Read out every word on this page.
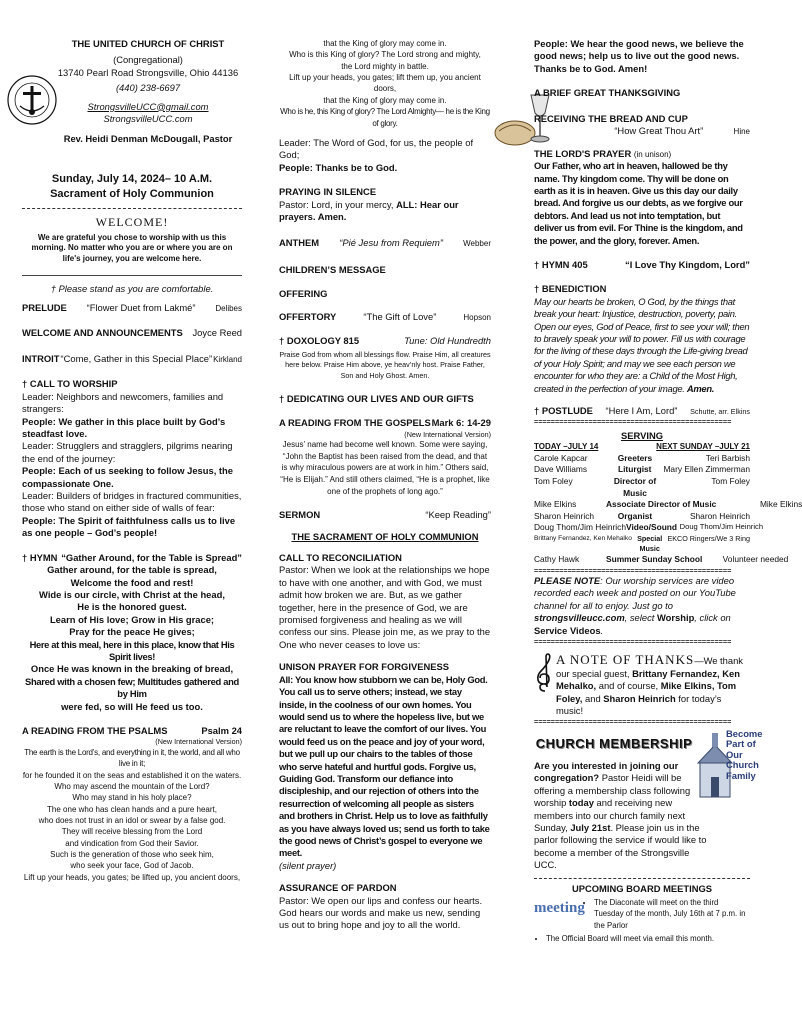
THE UNITED CHURCH OF CHRIST

(Congregational)

13740 Pearl Road Strongsville, Ohio 44136

(440) 238-6697

StrongsvilleUCC@gmail.com

StrongsvilleUCC.com

Rev. Heidi Denman McDougall, Pastor

Sunday, July 14, 2024– 10 A.M.

Sacrament of Holy Communion

WELCOME!

We are grateful you chose to worship with us this morning. No matter who you are or where you are on life's journey, you are welcome here.

† Please stand as you are comfortable.

PRELUDE “Flower Duet from Lakmé” Delibes
WELCOME AND ANNOUNCEMENTS Joyce Reed
INTROIT “Come, Gather in this Special Place” Kirkland

† CALL TO WORSHIP

Leader: Neighbors and newcomers, families and strangers:

People: We gather in this place built by God’s steadfast love.

Leader: Strugglers and stragglers, pilgrims nearing the end of the journey:

People: Each of us seeking to follow Jesus, the compassionate One.

Leader: Builders of bridges in fractured communities, those who stand on either side of walls of fear:

People: The Spirit of faithfulness calls us to live as one people – God’s people!

† HYMN “Gather Around, for the Table is Spread”

Gather around, for the table is spread,

Welcome the food and rest!

Wide is our circle, with Christ at the head,

He is the honored guest.

Learn of His love; Grow in His grace;

Pray for the peace He gives;

Here at this meal, here in this place, know that His Spirit lives!

Once He was known in the breaking of bread,

Shared with a chosen few; Multitudes gathered and by Him

were fed, so will He feed us too.

A READING FROM THE PSALMS	Psalm 24

(New International Version)

The earth is the Lord’s, and everything in it, the world, and all who live in it;

for he founded it on the seas and established it on the waters.

Who may ascend the mountain of the Lord?

Who may stand in his holy place?

The one who has clean hands and a pure heart,

who does not trust in an idol or swear by a false god.

They will receive blessing from the Lord

and vindication from God their Savior.

Such is the generation of those who seek him,

who seek your face, God of Jacob.

Lift up your heads, you gates; be lifted up, you ancient doors,

that the King of glory may come in.

Who is this King of glory? The Lord strong and mighty,

the Lord mighty in battle.

Lift up your heads, you gates; lift them up, you ancient doors,

that the King of glory may come in.

Who is he, this King of glory? The Lord Almighty— he is the King of glory.

Leader: The Word of God, for us, the people of God;

People: Thanks be to God.

PRAYING IN SILENCE

Pastor: Lord, in your mercy, ALL: Hear our prayers. Amen.

ANTHEM “Pié Jesu from Requiem”	Webber

CHILDREN’S MESSAGE

OFFERING

OFFERTORY	“The Gift of Love”	Hopson
† DOXOLOGY 815	Tune: Old Hundredth

Praise God from whom all blessings flow. Praise Him, all creatures here below. Praise Him above, ye heav’nly host. Praise Father, Son and Holy Ghost. Amen.

† DEDICATING OUR LIVES AND OUR GIFTS

A READING FROM THE GOSPELS Mark 6: 14-29

(New International Version)

Jesus’ name had become well known. Some were saying, “John the Baptist has been raised from the dead, and that is why miraculous powers are at work in him.” Others said, “He is Elijah.” And still others claimed, “He is a prophet, like one of the prophets of long ago.”

SERMON	“Keep Reading”

THE SACRAMENT OF HOLY COMMUNION

CALL TO RECONCILIATION

Pastor: When we look at the relationships we hope to have with one another, and with God, we must admit how broken we are. But, as we gather together, here in the presence of God, we are promised forgiveness and healing as we will confess our sins. Please join me, as we pray to the One who never ceases to love us:

UNISON PRAYER FOR FORGIVENESS

All: You know how stubborn we can be, Holy God. You call us to serve others; instead, we stay inside, in the coolness of our own homes. You would send us to where the hopeless live, but we are reluctant to leave the comfort of our lives. You would feed us on the peace and joy of your word, but we pull up our chairs to the tables of those who serve hateful and hurtful gods. Forgive us, Guiding God. Transform our defiance into discipleship, and our rejection of others into the resurrection of welcoming all people as sisters and brothers in Christ. Help us to love as faithfully as you have always loved us; send us forth to take the good news of Christ’s gospel to everyone we meet.

(silent prayer)

ASSURANCE OF PARDON

Pastor: We open our lips and confess our hearts. God hears our words and make us new, sending us out to bring hope and joy to all the world.

People: We hear the good news, we believe the good news; help us to live out the good news. Thanks be to God. Amen!

A BRIEF GREAT THANKSGIVING

RECEIVING THE BREAD AND CUP

“How Great Thou Art”	Hine

THE LORD'S PRAYER (in unison)

Our Father, who art in heaven, hallowed be thy name. Thy kingdom come. Thy will be done on earth as it is in heaven. Give us this day our daily bread. And forgive us our debts, as we forgive our debtors. And lead us not into temptation, but deliver us from evil. For Thine is the kingdom, and the power, and the glory, forever. Amen.

† HYMN 405	“I Love Thy Kingdom, Lord”

† BENEDICTION

May our hearts be broken, O God, by the things that break your heart: Injustice, destruction, poverty, pain. Open our eyes, God of Peace, first to see your will; then to bravely speak your will to power. Fill us with courage for the living of these days through the Life-giving bread of your Holy Spirit; and may we see each person we encounter for who they are: a Child of the Most High, created in the perfection of your image. Amen.

† POSTLUDE “Here I Am, Lord” Schutte, arr. Elkins

===============================================

SERVING

TODAY –JULY 14	NEXT SUNDAY –JULY 21
Carole Kapcar	Greeters	Teri Barbish
Dave Williams	Liturgist	Mary Ellen Zimmerman
Tom Foley	Director of Music
Tom Foley
Mike Elkins	Associate Director of Music	Mike Elkins
Sharon Heinrich	Organist	Sharon Heinrich
Doug Thom/Jim Heinrich Video/Sound Doug Thom/Jim Heinrich
Brittany Fernandez, Ken Mehalko Special Music
EKCO Ringers/We 3 Ring
Cathy Hawk	Summer Sunday School	Volunteer needed

===============================================

PLEASE NOTE: Our worship services are video recorded each week and posted on our YouTube channel for all to enjoy. Just go to strongsvilleucc.com, select Worship, click on Service Videos.

===============================================

A NOTE OF THANKS—We thank our special guest, Brittany Fernandez, Ken Mehalko, and of course, Mike Elkins, Tom Foley, and Sharon Heinrich for today’s music!

===============================================

CHURCH MEMBERSHIP

Become Part of Our Church Family

Are you interested in joining our congregation? Pastor Heidi will be offering a membership class following worship today and receiving new members into our church family next Sunday, July 21st. Please join us in the parlor following the service if would like to become a member of the Strongsville UCC.

UPCOMING BOARD MEETINGS

meeting
• The Diaconate will meet on the third Tuesday of the month, July 16th at 7 p.m. in the Parlor
• The Official Board will meet via email this month.
